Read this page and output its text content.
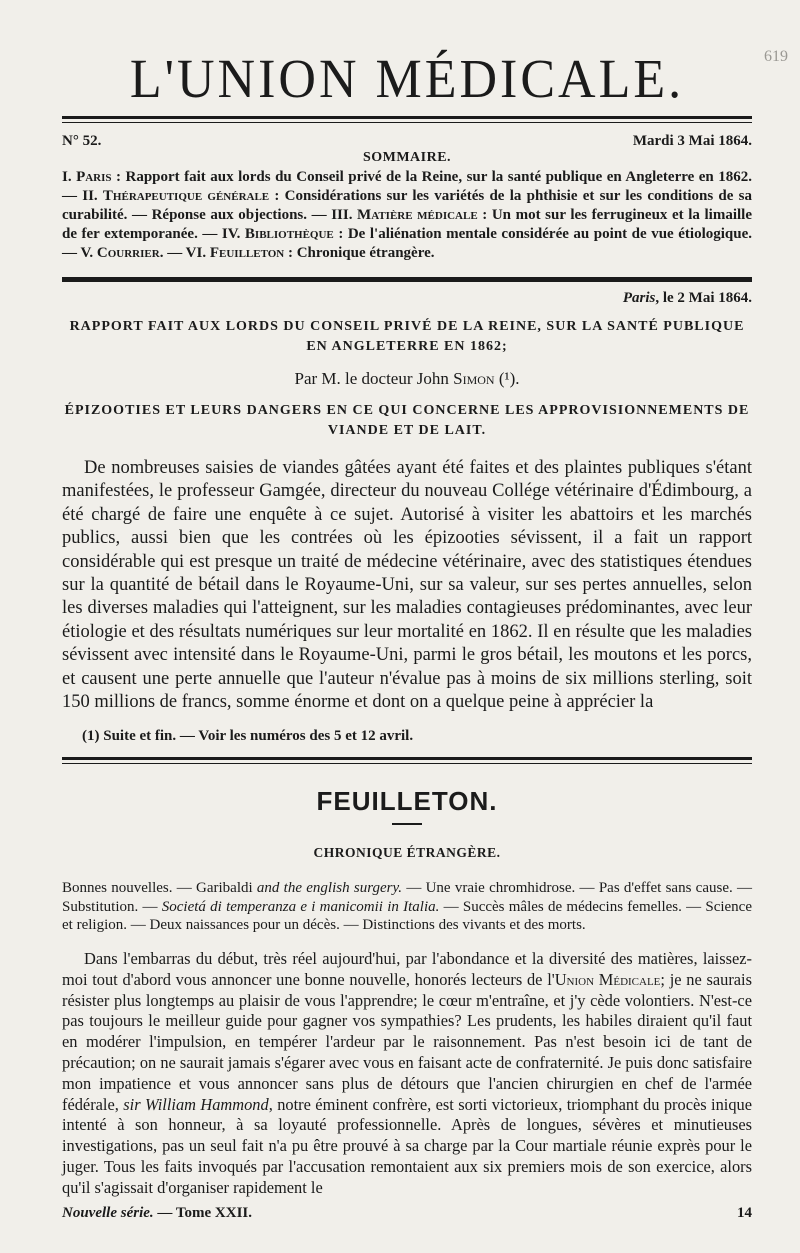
619
L'UNION MÉDICALE.
N° 52.	Mardi 3 Mai 1864.
SOMMAIRE.
I. Paris : Rapport fait aux lords du Conseil privé de la Reine, sur la santé publique en Angleterre en 1862. — II. Thérapeutique générale : Considérations sur les variétés de la phthisie et sur les conditions de sa curabilité. — Réponse aux objections. — III. Matière médicale : Un mot sur les ferrugineux et la limaille de fer extemporanée. — IV. Bibliothèque : De l'aliénation mentale considérée au point de vue étiologique. — V. Courrier. — VI. Feuilleton : Chronique étrangère.
Paris, le 2 Mai 1864.
RAPPORT FAIT AUX LORDS DU CONSEIL PRIVÉ DE LA REINE, SUR LA SANTÉ PUBLIQUE
EN ANGLETERRE EN 1862;
Par M. le docteur John Simon (¹).
ÉPIZOOTIES ET LEURS DANGERS EN CE QUI CONCERNE LES APPROVISIONNEMENTS DE
VIANDE ET DE LAIT.
De nombreuses saisies de viandes gâtées ayant été faites et des plaintes publiques s'étant manifestées, le professeur Gamgée, directeur du nouveau Collége vétérinaire d'Édimbourg, a été chargé de faire une enquête à ce sujet. Autorisé à visiter les abattoirs et les marchés publics, aussi bien que les contrées où les épizooties sévissent, il a fait un rapport considérable qui est presque un traité de médecine vétérinaire, avec des statistiques étendues sur la quantité de bétail dans le Royaume-Uni, sur sa valeur, sur ses pertes annuelles, selon les diverses maladies qui l'atteignent, sur les maladies contagieuses prédominantes, avec leur étiologie et des résultats numériques sur leur mortalité en 1862. Il en résulte que les maladies sévissent avec intensité dans le Royaume-Uni, parmi le gros bétail, les moutons et les porcs, et causent une perte annuelle que l'auteur n'évalue pas à moins de six millions sterling, soit 150 millions de francs, somme énorme et dont on a quelque peine à apprécier la
(1) Suite et fin. — Voir les numéros des 5 et 12 avril.
FEUILLETON.
CHRONIQUE ÉTRANGÈRE.
Bonnes nouvelles. — Garibaldi and the english surgery. — Une vraie chromhidrose. — Pas d'effet sans cause. — Substitution. — Societá di temperanza e i manicomii in Italia. — Succès mâles de médecins femelles. — Science et religion. — Deux naissances pour un décès. — Distinctions des vivants et des morts.
Dans l'embarras du début, très réel aujourd'hui, par l'abondance et la diversité des matières, laissez-moi tout d'abord vous annoncer une bonne nouvelle, honorés lecteurs de l'Union Médicale; je ne saurais résister plus longtemps au plaisir de vous l'apprendre; le cœur m'entraîne, et j'y cède volontiers. N'est-ce pas toujours le meilleur guide pour gagner vos sympathies? Les prudents, les habiles diraient qu'il faut en modérer l'impulsion, en tempérer l'ardeur par le raisonnement. Pas n'est besoin ici de tant de précaution; on ne saurait jamais s'égarer avec vous en faisant acte de confraternité. Je puis donc satisfaire mon impatience et vous annoncer sans plus de détours que l'ancien chirurgien en chef de l'armée fédérale, sir William Hammond, notre éminent confrère, est sorti victorieux, triomphant du procès inique intenté à son honneur, à sa loyauté professionnelle. Après de longues, sévères et minutieuses investigations, pas un seul fait n'a pu être prouvé à sa charge par la Cour martiale réunie exprès pour le juger. Tous les faits invoqués par l'accusation remontaient aux six premiers mois de son exercice, alors qu'il s'agissait d'organiser rapidement le
Nouvelle série. — Tome XXII.	14
